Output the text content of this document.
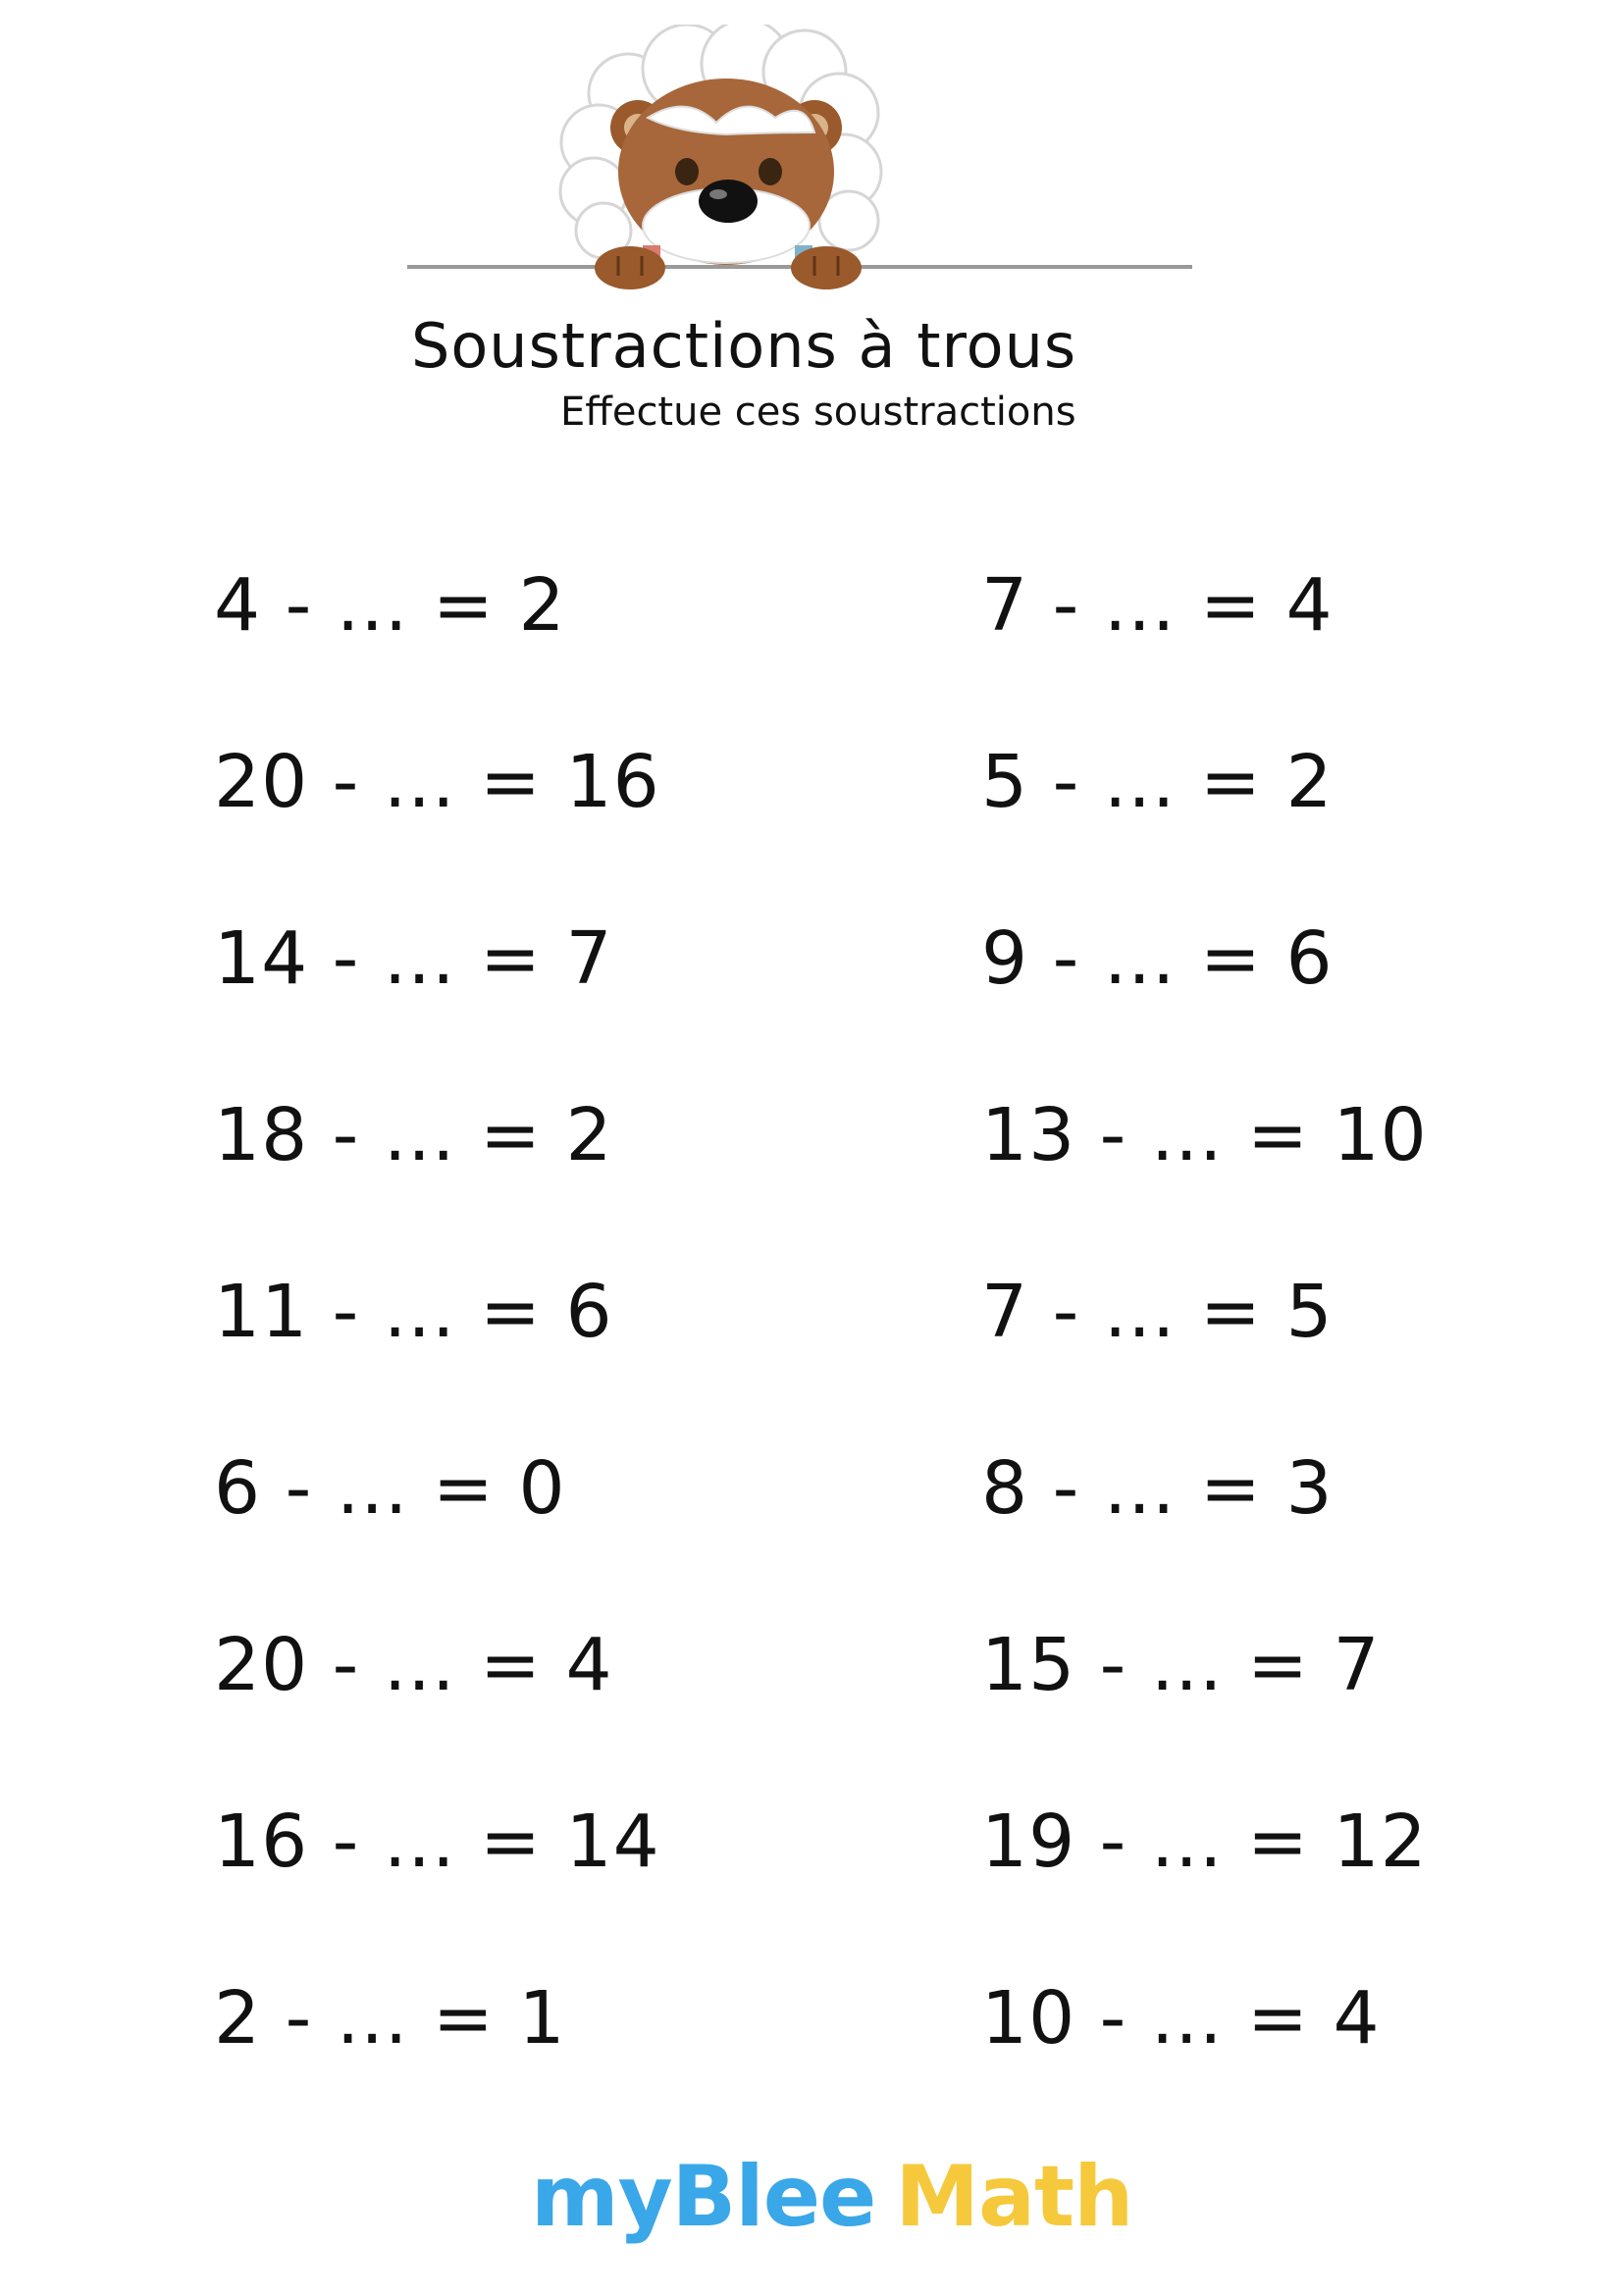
Soustractions à trous
Effectue ces soustractions
4 - ... = 2
20 - ... = 16
14 - ... = 7
18 - ... = 2
11 - ... = 6
6 - ... = 0
20 - ... = 4
16 - ... = 14
2 - ... = 1
7 - ... = 4
5 - ... = 2
9 - ... = 6
13 - ... = 10
7 - ... = 5
8 - ... = 3
15 - ... = 7
19 - ... = 12
10 - ... = 4
myBlee Math
